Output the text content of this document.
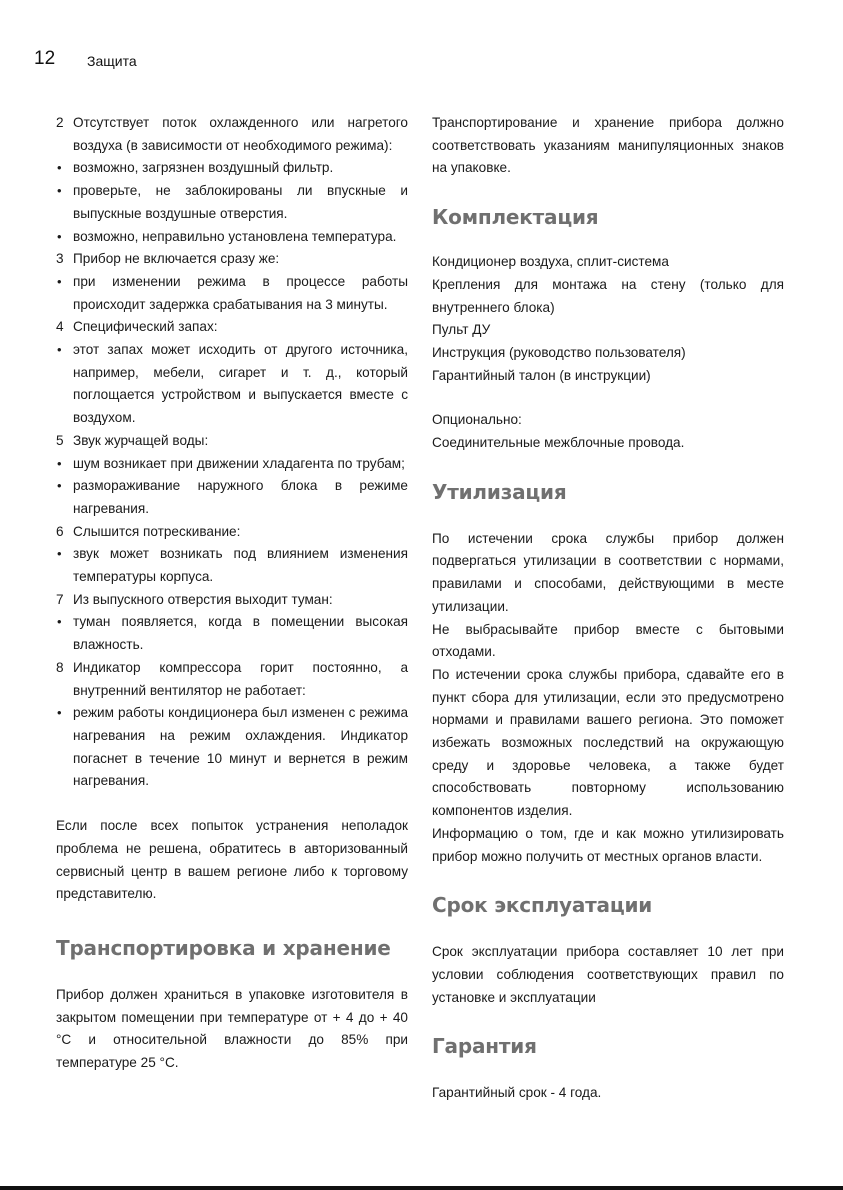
12 Защита
2 Отсутствует поток охлажденного или нагретого воздуха (в зависимости от необходимого режима):
• возможно, загрязнен воздушный фильтр.
• проверьте, не заблокированы ли впускные и выпускные воздушные отверстия.
• возможно, неправильно установлена температура.
3 Прибор не включается сразу же:
• при изменении режима в процессе работы происходит задержка срабатывания на 3 минуты.
4 Специфический запах:
• этот запах может исходить от другого источника, например, мебели, сигарет и т. д., который поглощается устройством и выпускается вместе с воздухом.
5 Звук журчащей воды:
• шум возникает при движении хладагента по трубам;
• размораживание наружного блока в режиме нагревания.
6 Слышится потрескивание:
• звук может возникать под влиянием изменения температуры корпуса.
7 Из выпускного отверстия выходит туман:
• туман появляется, когда в помещении высокая влажность.
8 Индикатор компрессора горит постоянно, а внутренний вентилятор не работает:
• режим работы кондиционера был изменен с режима нагревания на режим охлаждения. Индикатор погаснет в течение 10 минут и вернется в режим нагревания.

Если после всех попыток устранения неполадок проблема не решена, обратитесь в авторизованный сервисный центр в вашем регионе либо к торговому представителю.

Транспортировка и хранение

Прибор должен храниться в упаковке изготовителя в закрытом помещении при температуре от + 4 до + 40 °C и относительной влажности до 85% при температуре 25 °C.

Транспортирование и хранение прибора должно соответствовать указаниям манипуляционных знаков на упаковке.

Комплектация

Кондиционер воздуха, сплит-система

Крепления для монтажа на стену (только для внутреннего блока)

Пульт ДУ

Инструкция (руководство пользователя)

Гарантийный талон (в инструкции)

Опционально:

Соединительные межблочные провода.

Утилизация

По истечении срока службы прибор должен подвергаться утилизации в соответствии с нормами, правилами и способами, действующими в месте утилизации.

Не выбрасывайте прибор вместе с бытовыми отходами.

По истечении срока службы прибора, сдавайте его в пункт сбора для утилизации, если это предусмотрено нормами и правилами вашего региона. Это поможет избежать возможных последствий на окружающую среду и здоровье человека, а также будет способствовать повторному использованию компонентов изделия.

Информацию о том, где и как можно утилизировать прибор можно получить от местных органов власти.

Срок эксплуатации

Срок эксплуатации прибора составляет 10 лет при условии соблюдения соответствующих правил по установке и эксплуатации

Гарантия

Гарантийный срок - 4 года.
